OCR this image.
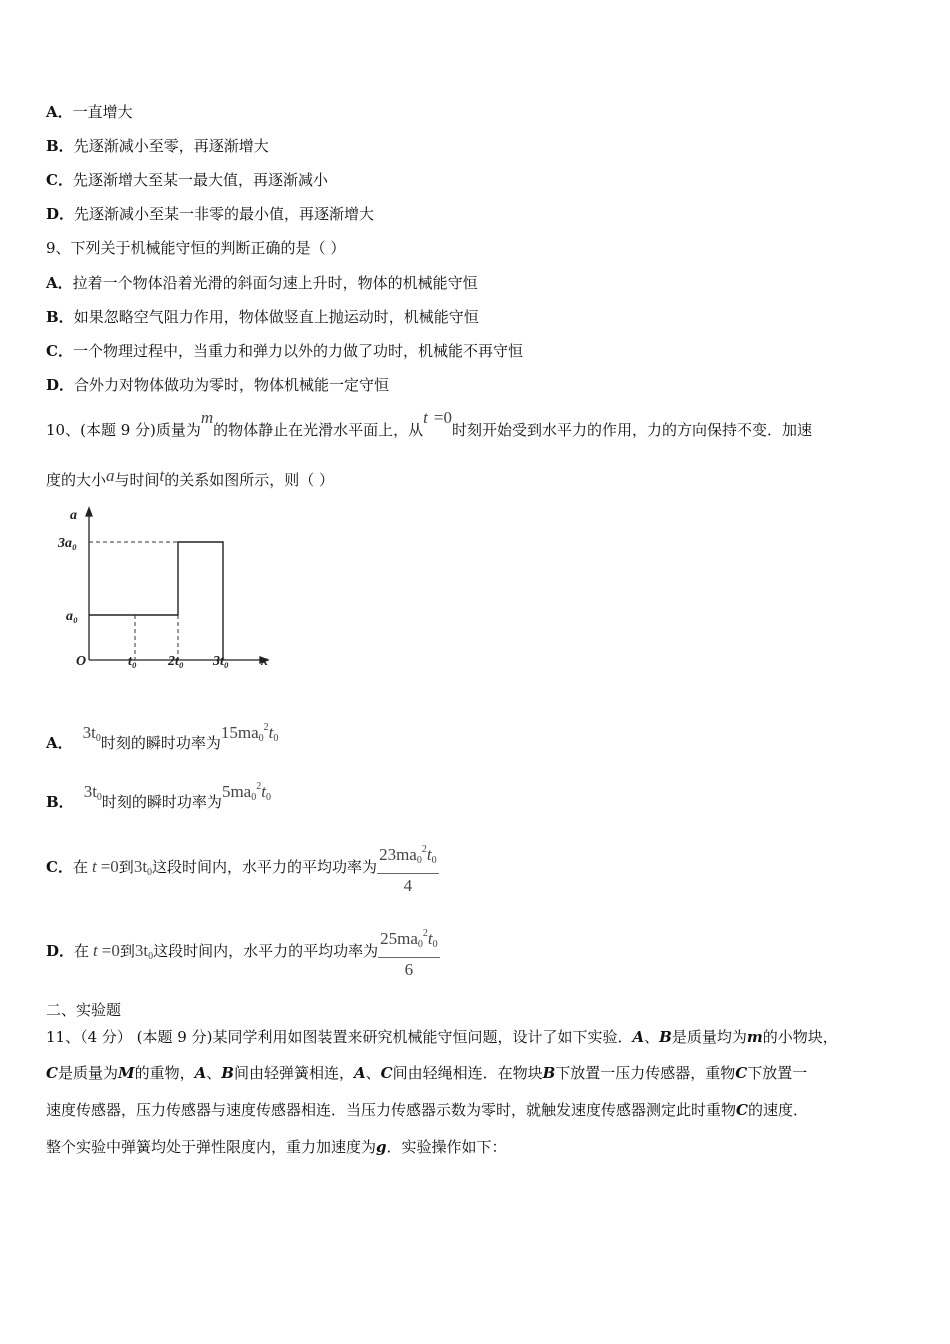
A．一直增大
B．先逐渐减小至零，再逐渐增大
C．先逐渐增大至某一最大值，再逐渐减小
D．先逐渐减小至某一非零的最小值，再逐渐增大
9、下列关于机械能守恒的判断正确的是（ ）
A．拉着一个物体沿着光滑的斜面匀速上升时，物体的机械能守恒
B．如果忽略空气阻力作用，物体做竖直上抛运动时，机械能守恒
C．一个物理过程中，当重力和弹力以外的力做了功时，机械能不再守恒
D．合外力对物体做功为零时，物体机械能一定守恒
10、(本题 9 分)质量为m的物体静止在光滑水平面上，从t =0时刻开始受到水平力的作用，力的方向保持不变．加速
度的大小a与时间t的关系如图所示，则（ ）
a
3a₀
a₀
O	t₀ 2t₀ 3t₀ x
A．$3t_0$时刻的瞬时功率为$15ma_0^2t_0$
B．$3t_0$时刻的瞬时功率为$5ma_0^2t_0$
C．在 t =0到$3t_0$这段时间内，水平力的平均功率为 $\frac{23ma_0^2t_0}{4}$
D．在 t =0到$3t_0$这段时间内，水平力的平均功率为 $\frac{25ma_0^2t_0}{6}$
二、实验题
11、（4 分） (本题 9 分)某同学利用如图装置来研究机械能守恒问题，设计了如下实验．A、B是质量均为m的小物块，
C是质量为M的重物，A、B间由轻弹簧相连，A、C间由轻绳相连．在物块B下放置一压力传感器，重物C下放置一
速度传感器，压力传感器与速度传感器相连．当压力传感器示数为零时，就触发速度传感器测定此时重物C的速度．
整个实验中弹簧均处于弹性限度内，重力加速度为g．实验操作如下：
